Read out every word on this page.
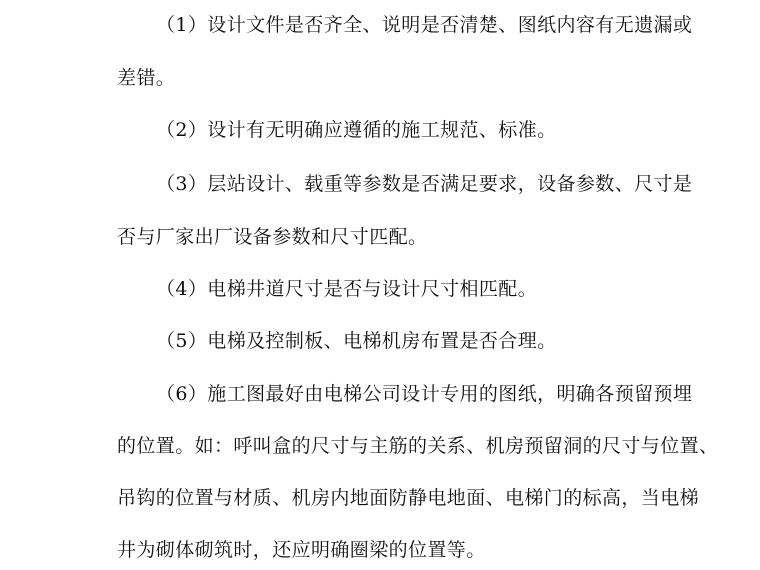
（1）设计文件是否齐全、说明是否清楚、图纸内容有无遗漏或
差错。
（2）设计有无明确应遵循的施工规范、标准。
（3）层站设计、载重等参数是否满足要求，设备参数、尺寸是
否与厂家出厂设备参数和尺寸匹配。
（4）电梯井道尺寸是否与设计尺寸相匹配。
（5）电梯及控制板、电梯机房布置是否合理。
（6）施工图最好由电梯公司设计专用的图纸，明确各预留预埋
的位置。如：呼叫盒的尺寸与主筋的关系、机房预留洞的尺寸与位置、
吊钩的位置与材质、机房内地面防静电地面、电梯门的标高，当电梯
井为砌体砌筑时，还应明确圈梁的位置等。
